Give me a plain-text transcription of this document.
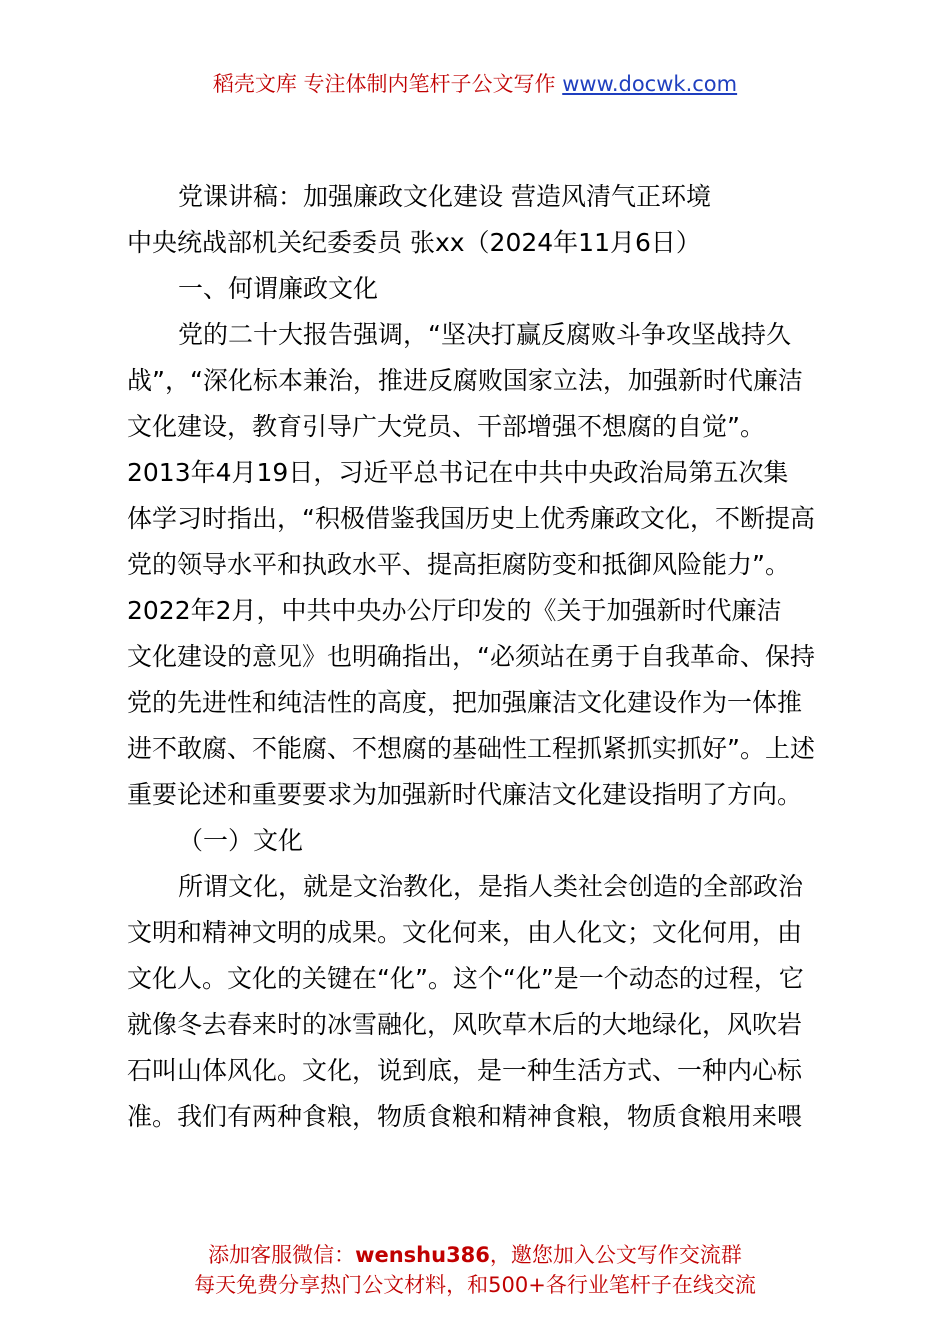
稻壳文库 专注体制内笔杆子公文写作 www.docwk.com
党课讲稿：加强廉政文化建设 营造风清气正环境
中央统战部机关纪委委员 张xx（2024年11月6日）
一、何谓廉政文化
党的二十大报告强调，“坚决打赢反腐败斗争攻坚战持久
战”，“深化标本兼治，推进反腐败国家立法，加强新时代廉洁
文化建设，教育引导广大党员、干部增强不想腐的自觉”。
2013年4月19日，习近平总书记在中共中央政治局第五次集
体学习时指出，“积极借鉴我国历史上优秀廉政文化，不断提高
党的领导水平和执政水平、提高拒腐防变和抵御风险能力”。
2022年2月，中共中央办公厅印发的《关于加强新时代廉洁
文化建设的意见》也明确指出，“必须站在勇于自我革命、保持
党的先进性和纯洁性的高度，把加强廉洁文化建设作为一体推
进不敢腐、不能腐、不想腐的基础性工程抓紧抓实抓好”。上述
重要论述和重要要求为加强新时代廉洁文化建设指明了方向。
（一）文化
所谓文化，就是文治教化，是指人类社会创造的全部政治
文明和精神文明的成果。文化何来，由人化文；文化何用，由
文化人。文化的关键在“化”。这个“化”是一个动态的过程，它
就像冬去春来时的冰雪融化，风吹草木后的大地绿化，风吹岩
石叫山体风化。文化，说到底，是一种生活方式、一种内心标
准。我们有两种食粮，物质食粮和精神食粮，物质食粮用来喂
添加客服微信：wenshu386，邀您加入公文写作交流群
每天免费分享热门公文材料，和500+各行业笔杆子在线交流
